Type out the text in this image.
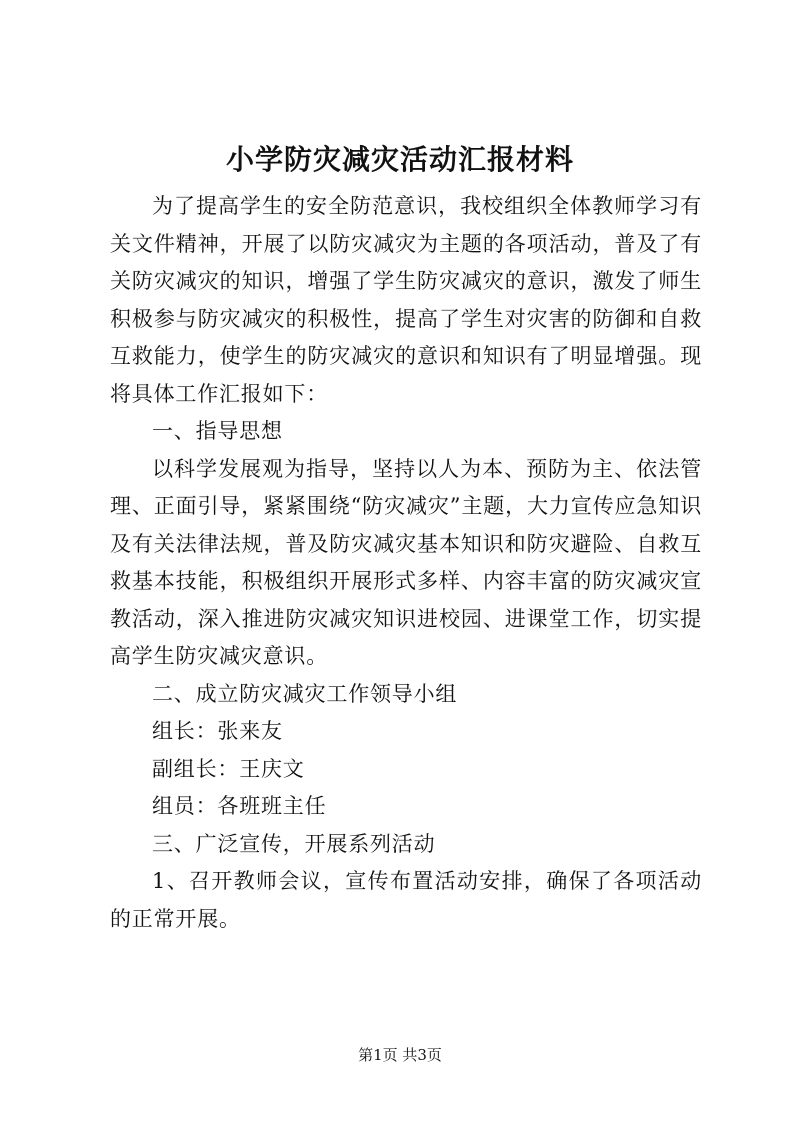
小学防灾减灾活动汇报材料

为了提高学生的安全防范意识，我校组织全体教师学习有关文件精神，开展了以防灾减灾为主题的各项活动，普及了有关防灾减灾的知识，增强了学生防灾减灾的意识，激发了师生积极参与防灾减灾的积极性，提高了学生对灾害的防御和自救互救能力，使学生的防灾减灾的意识和知识有了明显增强。现将具体工作汇报如下：

一、指导思想

以科学发展观为指导，坚持以人为本、预防为主、依法管理、正面引导，紧紧围绕“防灾减灾”主题，大力宣传应急知识及有关法律法规，普及防灾减灾基本知识和防灾避险、自救互救基本技能，积极组织开展形式多样、内容丰富的防灾减灾宣教活动，深入推进防灾减灾知识进校园、进课堂工作，切实提高学生防灾减灾意识。

二、成立防灾减灾工作领导小组

组长：张来友

副组长：王庆文

组员：各班班主任

三、广泛宣传，开展系列活动

1、召开教师会议，宣传布置活动安排，确保了各项活动的正常开展。

第1页 共3页
